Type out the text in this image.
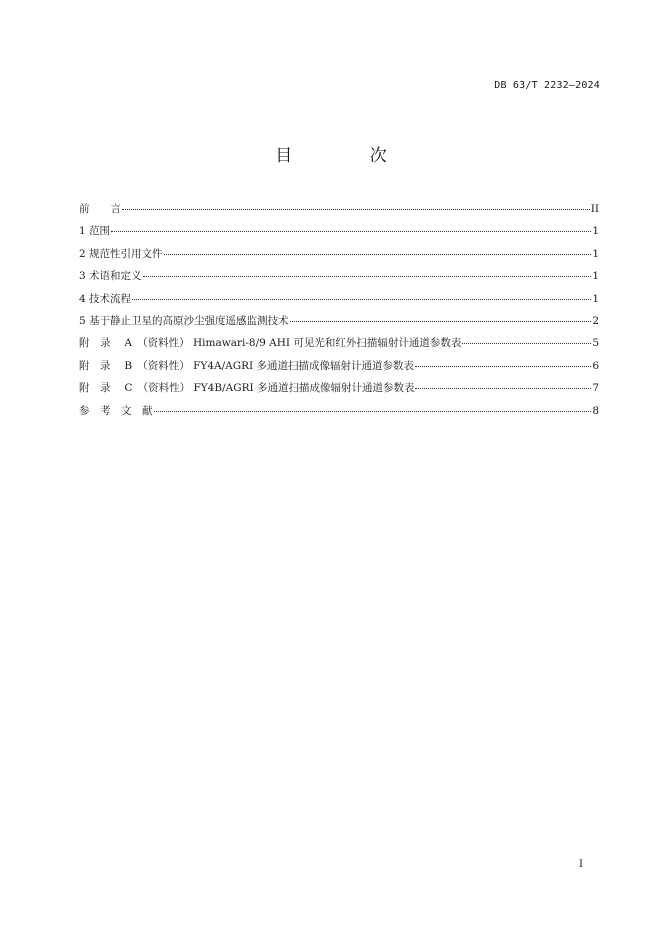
DB 63/T 2232—2024
目 次
前　　言	II
1 范围	1
2 规范性引用文件	1
3 术语和定义	1
4 技术流程	1
5 基于静止卫星的高原沙尘强度遥感监测技术	2
附　录　 A　（资料性） Himawari-8/9 AHI 可见光和红外扫描辐射计通道参数表	5
附　录　 B　（资料性） FY4A/AGRI 多通道扫描成像辐射计通道参数表	6
附　录　 C　（资料性） FY4B/AGRI 多通道扫描成像辐射计通道参数表	7
参　考　文　献	8
I
